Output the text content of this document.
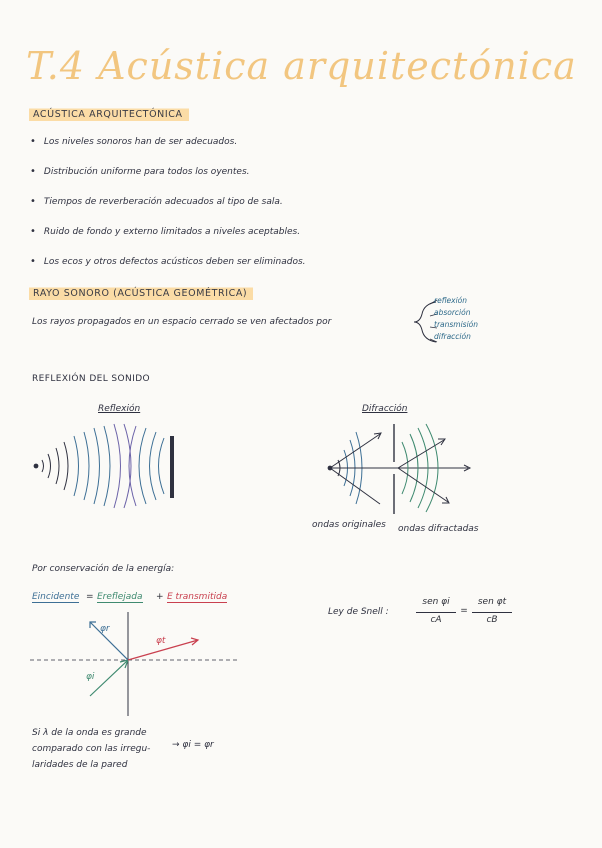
T.4 Acústica arquitectónica
ACÚSTICA ARQUITECTÓNICA
• Los niveles sonoros han de ser adecuados.
• Distribución uniforme para todos los oyentes.
• Tiempos de reverberación adecuados al tipo de sala.
• Ruido de fondo y externo limitados a niveles aceptables.
• Los ecos y otros defectos acústicos deben ser eliminados.
RAYO SONORO (ACÚSTICA GEOMÉTRICA)
Los rayos propagados en un espacio cerrado se ven afectados por
reflexión
absorción
transmisión
difracción
REFLEXIÓN DEL SONIDO
Reflexión	Difracción
ondas originales ondas difractadas
Por conservación de la energía:
Eincidente = Ereflejada + E transmitida
φr
φt
φi
Ley de Snell :
sen φi
cA
=
sen φt
cB
Si λ de la onda es grande
comparado con las irregu-
laridades de la pared
→ φi = φr
